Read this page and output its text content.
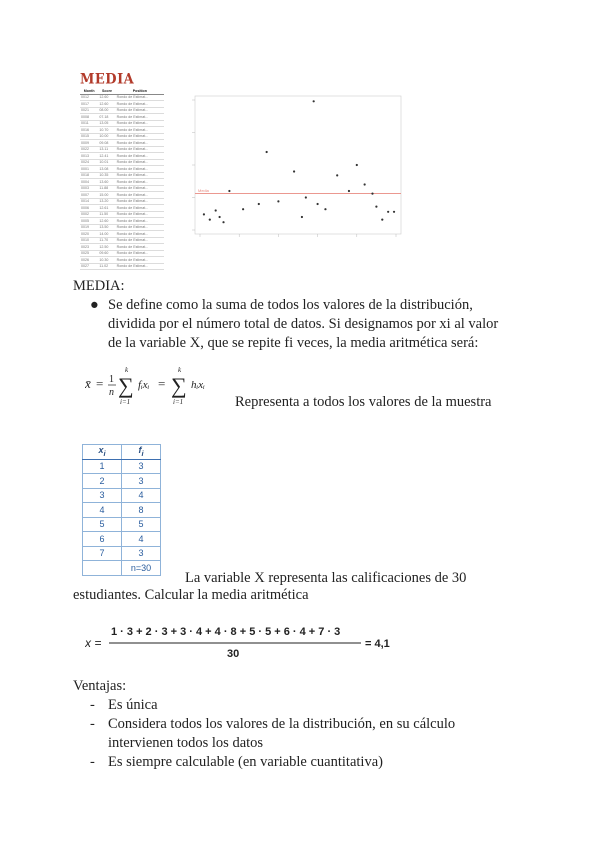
MEDIA
Month	Score	Position
0012	12.60	Rondo de Estimat...
0017	12.60	Rondo de Estimat...
0021	08.00	Rondo de Estimat...
0008	07.18	Rondo de Estimat...
0011	13.05	Rondo de Estimat...
0016	10.70	Rondo de Estimat...
0015	10.00	Rondo de Estimat...
0009	09.08	Rondo de Estimat...
0022	13.11	Rondo de Estimat...
0013	12.41	Rondo de Estimat...
0024	10.01	Rondo de Estimat...
0001	13.08	Rondo de Estimat...
0018	10.35	Rondo de Estimat...
0004	13.60	Rondo de Estimat...
0003	11.88	Rondo de Estimat...
0007	15.00	Rondo de Estimat...
0014	13.20	Rondo de Estimat...
0006	12.61	Rondo de Estimat...
0002	11.50	Rondo de Estimat...
0005	12.60	Rondo de Estimat...
0019	13.50	Rondo de Estimat...
0020	14.00	Rondo de Estimat...
0010	11.70	Rondo de Estimat...
0023	12.50	Rondo de Estimat...
0025	09.60	Rondo de Estimat...
0026	10.30	Rondo de Estimat...
0027	11.02	Rondo de Estimat...
Media
MEDIA:
● Se define como la suma de todos los valores de la distribución, dividida por el número total de datos. Si designamos por xi al valor de la variable X, que se repite fi veces, la media aritmética será:
x̄ = 1
n ∑
k
i=1
fᵢxᵢ = ∑
k
i=1
hᵢxᵢ
Representa a todos los valores de la muestra
$x_i$	$f_i$
1	3
2	3
3	4
4	8
5	5
6	4
7	3
	n=30
La variable X representa las calificaciones de 30
estudiantes. Calcular la media aritmética
x =
1 · 3 + 2 · 3 + 3 · 4 + 4 · 8 + 5 · 5 + 6 · 4 + 7 · 3
30
= 4,1
Ventajas:
- Es única
- Considera todos los valores de la distribución, en su cálculo intervienen todos los datos
- Es siempre calculable (en variable cuantitativa)
